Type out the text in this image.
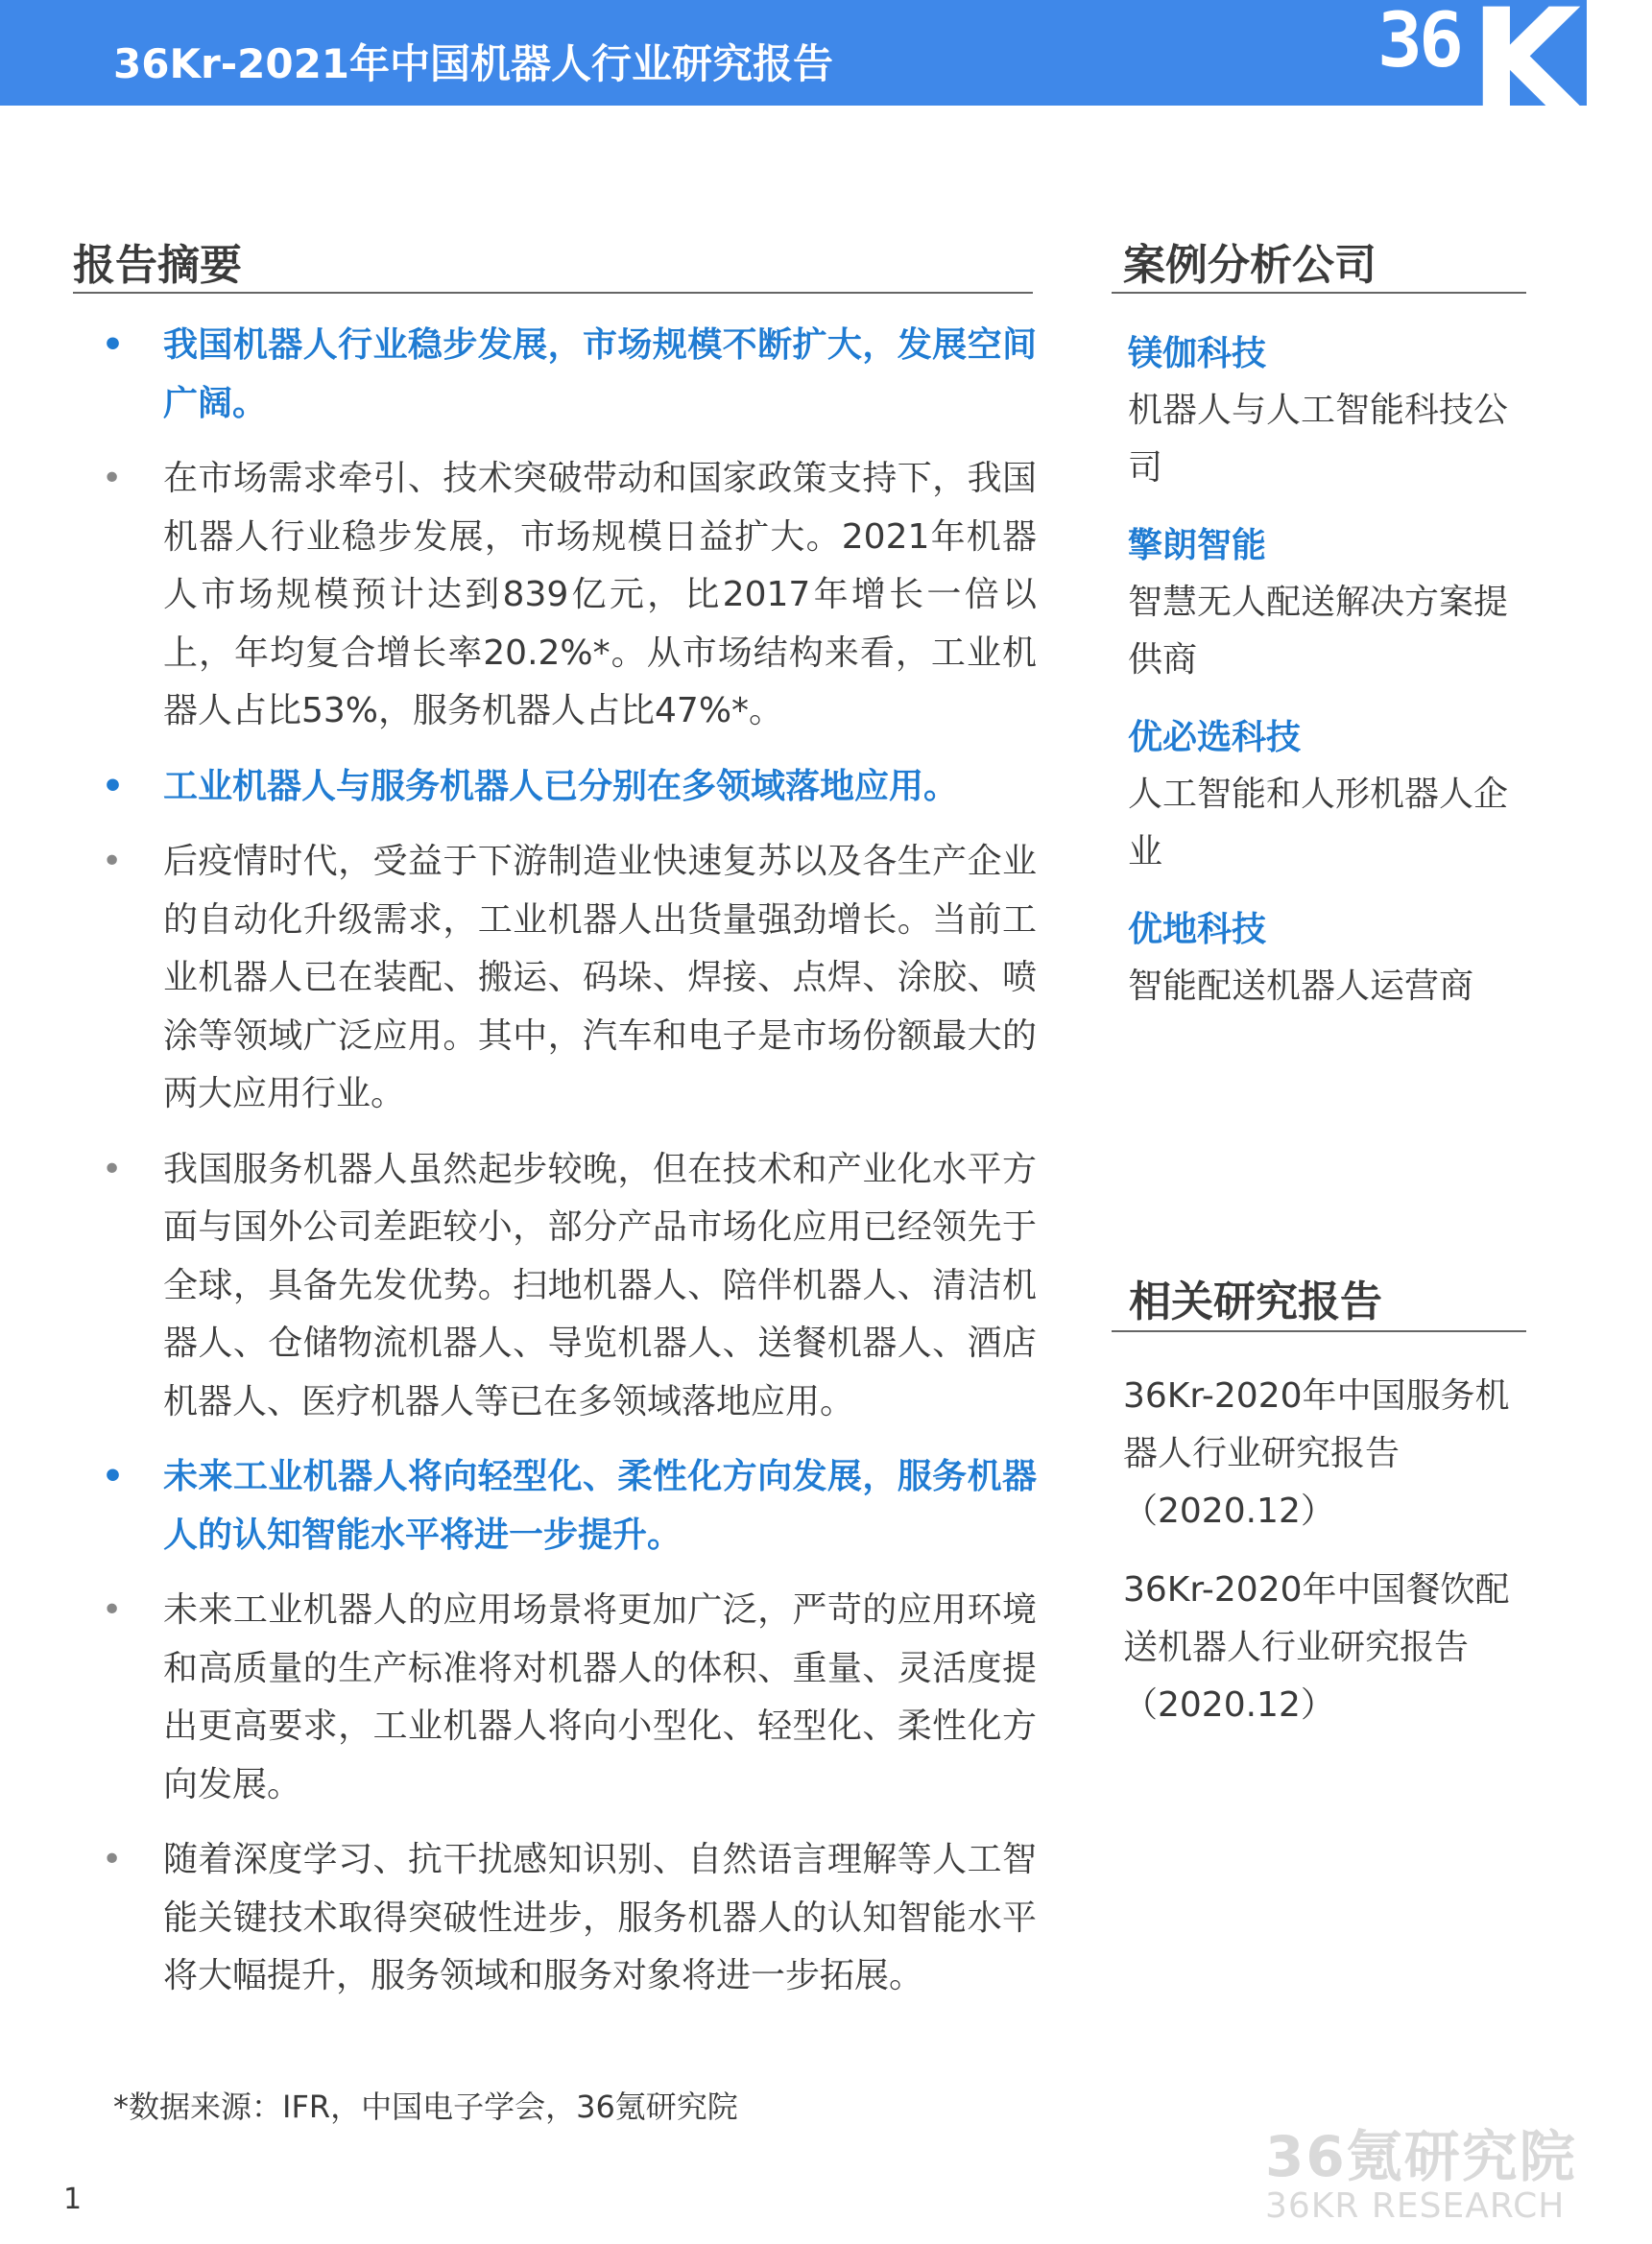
36Kr-2021年中国机器人行业研究报告	36 Kr
报告摘要
• 我国机器人行业稳步发展，市场规模不断扩大，发展空间广阔。
• 在市场需求牵引、技术突破带动和国家政策支持下，我国机器人行业稳步发展，市场规模日益扩大。2021年机器人市场规模预计达到839亿元，比2017年增长一倍以上，年均复合增长率20.2%*。从市场结构来看，工业机器人占比53%，服务机器人占比47%*。
• 工业机器人与服务机器人已分别在多领域落地应用。
• 后疫情时代，受益于下游制造业快速复苏以及各生产企业的自动化升级需求，工业机器人出货量强劲增长。当前工业机器人已在装配、搬运、码垛、焊接、点焊、涂胶、喷涂等领域广泛应用。其中，汽车和电子是市场份额最大的两大应用行业。
• 我国服务机器人虽然起步较晚，但在技术和产业化水平方面与国外公司差距较小，部分产品市场化应用已经领先于全球，具备先发优势。扫地机器人、陪伴机器人、清洁机器人、仓储物流机器人、导览机器人、送餐机器人、酒店机器人、医疗机器人等已在多领域落地应用。
• 未来工业机器人将向轻型化、柔性化方向发展，服务机器人的认知智能水平将进一步提升。
• 未来工业机器人的应用场景将更加广泛，严苛的应用环境和高质量的生产标准将对机器人的体积、重量、灵活度提出更高要求，工业机器人将向小型化、轻型化、柔性化方向发展。
• 随着深度学习、抗干扰感知识别、自然语言理解等人工智能关键技术取得突破性进步，服务机器人的认知智能水平将大幅提升，服务领域和服务对象将进一步拓展。
案例分析公司
镁伽科技
机器人与人工智能科技公司
擎朗智能
智慧无人配送解决方案提供商
优必选科技
人工智能和人形机器人企业
优地科技
智能配送机器人运营商
相关研究报告
36Kr-2020年中国服务机器人行业研究报告
（2020.12）
36Kr-2020年中国餐饮配送机器人行业研究报告
（2020.12）
*数据来源：IFR，中国电子学会，36氪研究院
1
36氪研究院
36KR RESEARCH
